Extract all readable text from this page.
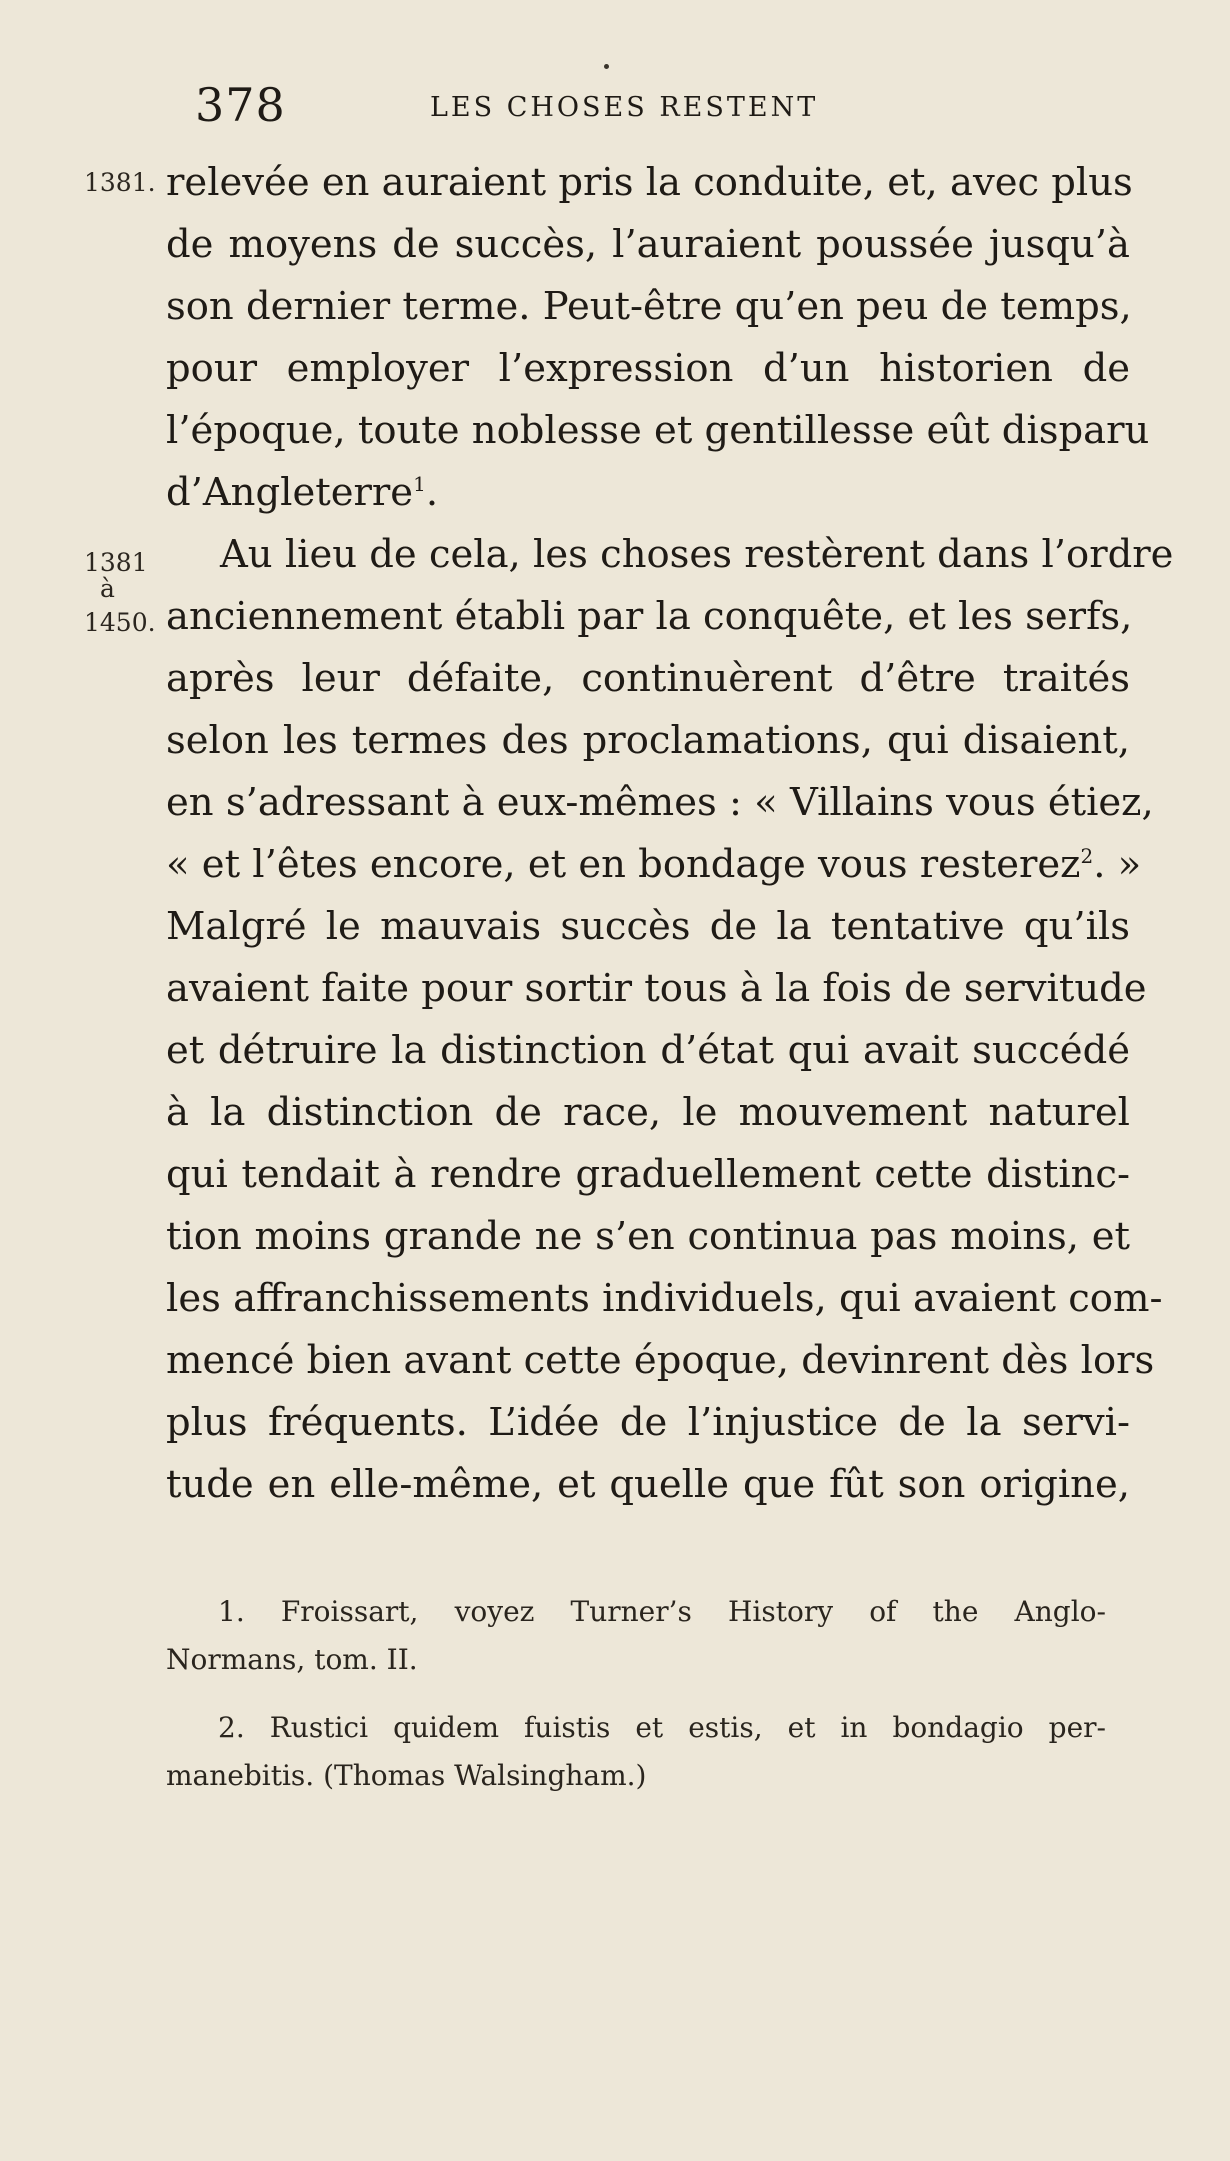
378	LES CHOSES RESTENT
1381.
1381
à
1450.
relevée en auraient pris la conduite, et, avec plus
de moyens de succès, l’auraient poussée jusqu’à
son dernier terme. Peut-être qu’en peu de temps,
pour employer l’expression d’un historien de
l’époque, toute noblesse et gentillesse eût disparu
d’Angleterre$^1$.
Au lieu de cela, les choses restèrent dans l’ordre
anciennement établi par la conquête, et les serfs,
après leur défaite, continuèrent d’être traités
selon les termes des proclamations, qui disaient,
en s’adressant à eux-mêmes : « Villains vous étiez,
« et l’êtes encore, et en bondage vous resterez$^2$. »
Malgré le mauvais succès de la tentative qu’ils
avaient faite pour sortir tous à la fois de servitude
et détruire la distinction d’état qui avait succédé
à la distinction de race, le mouvement naturel
qui tendait à rendre graduellement cette distinc-
tion moins grande ne s’en continua pas moins, et
les affranchissements individuels, qui avaient com-
mencé bien avant cette époque, devinrent dès lors
plus fréquents. L’idée de l’injustice de la servi-
tude en elle-même, et quelle que fût son origine,
1. Froissart, voyez Turner’s History of the Anglo-
Normans, tom. II.
2. Rustici quidem fuistis et estis, et in bondagio per-
manebitis. (Thomas Walsingham.)
